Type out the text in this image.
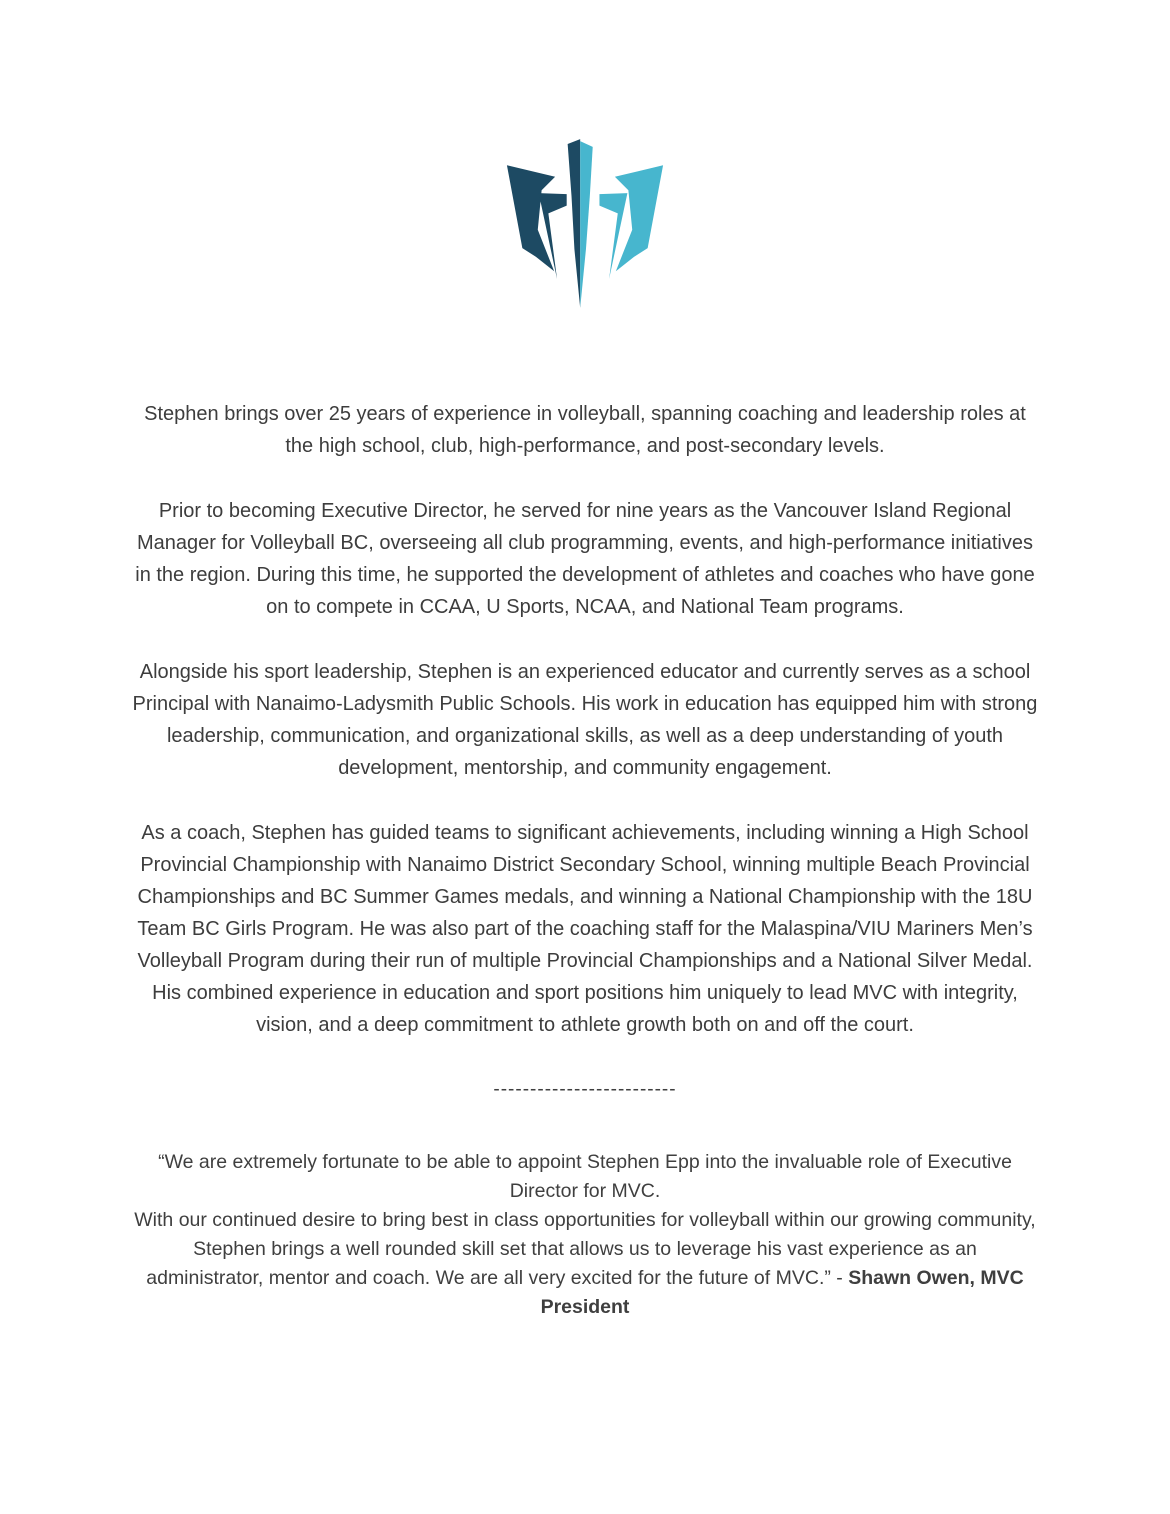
Stephen brings over 25 years of experience in volleyball, spanning coaching and leadership roles at the high school, club, high-performance, and post-secondary levels.

Prior to becoming Executive Director, he served for nine years as the Vancouver Island Regional Manager for Volleyball BC, overseeing all club programming, events, and high-performance initiatives in the region. During this time, he supported the development of athletes and coaches who have gone on to compete in CCAA, U Sports, NCAA, and National Team programs.

Alongside his sport leadership, Stephen is an experienced educator and currently serves as a school Principal with Nanaimo-Ladysmith Public Schools. His work in education has equipped him with strong leadership, communication, and organizational skills, as well as a deep understanding of youth development, mentorship, and community engagement.

As a coach, Stephen has guided teams to significant achievements, including winning a High School Provincial Championship with Nanaimo District Secondary School, winning multiple Beach Provincial Championships and BC Summer Games medals, and winning a National Championship with the 18U Team BC Girls Program. He was also part of the coaching staff for the Malaspina/VIU Mariners Men’s Volleyball Program during their run of multiple Provincial Championships and a National Silver Medal. His combined experience in education and sport positions him uniquely to lead MVC with integrity, vision, and a deep commitment to athlete growth both on and off the court.

-------------------------

“We are extremely fortunate to be able to appoint Stephen Epp into the invaluable role of Executive Director for MVC.

With our continued desire to bring best in class opportunities for volleyball within our growing community, Stephen brings a well rounded skill set that allows us to leverage his vast experience as an administrator, mentor and coach. We are all very excited for the future of MVC.” - Shawn Owen, MVC President
